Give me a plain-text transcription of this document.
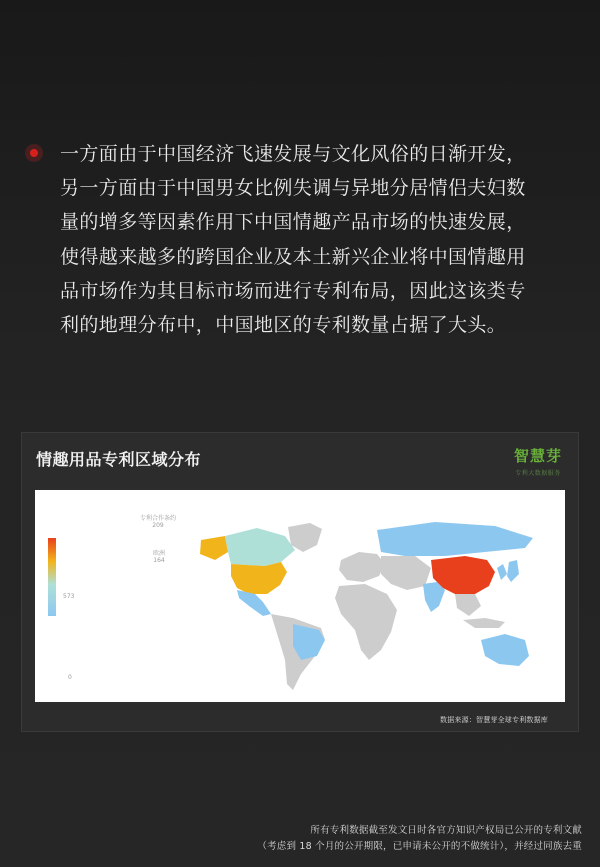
一方面由于中国经济飞速发展与文化风俗的日渐开发，
另一方面由于中国男女比例失调与异地分居情侣夫妇数
量的增多等因素作用下中国情趣产品市场的快速发展，
使得越来越多的跨国企业及本土新兴企业将中国情趣用
品市场作为其目标市场而进行专利布局，因此这该类专
利的地理分布中，中国地区的专利数量占据了大头。
情趣用品专利区域分布	智慧芽
专利大数据服务
573
0
专利合作条约
209
欧洲
164
数据来源：智慧芽全球专利数据库
所有专利数据截至发文日时各官方知识产权局已公开的专利文献
（考虑到 18 个月的公开期限，已申请未公开的不做统计），并经过同族去重
